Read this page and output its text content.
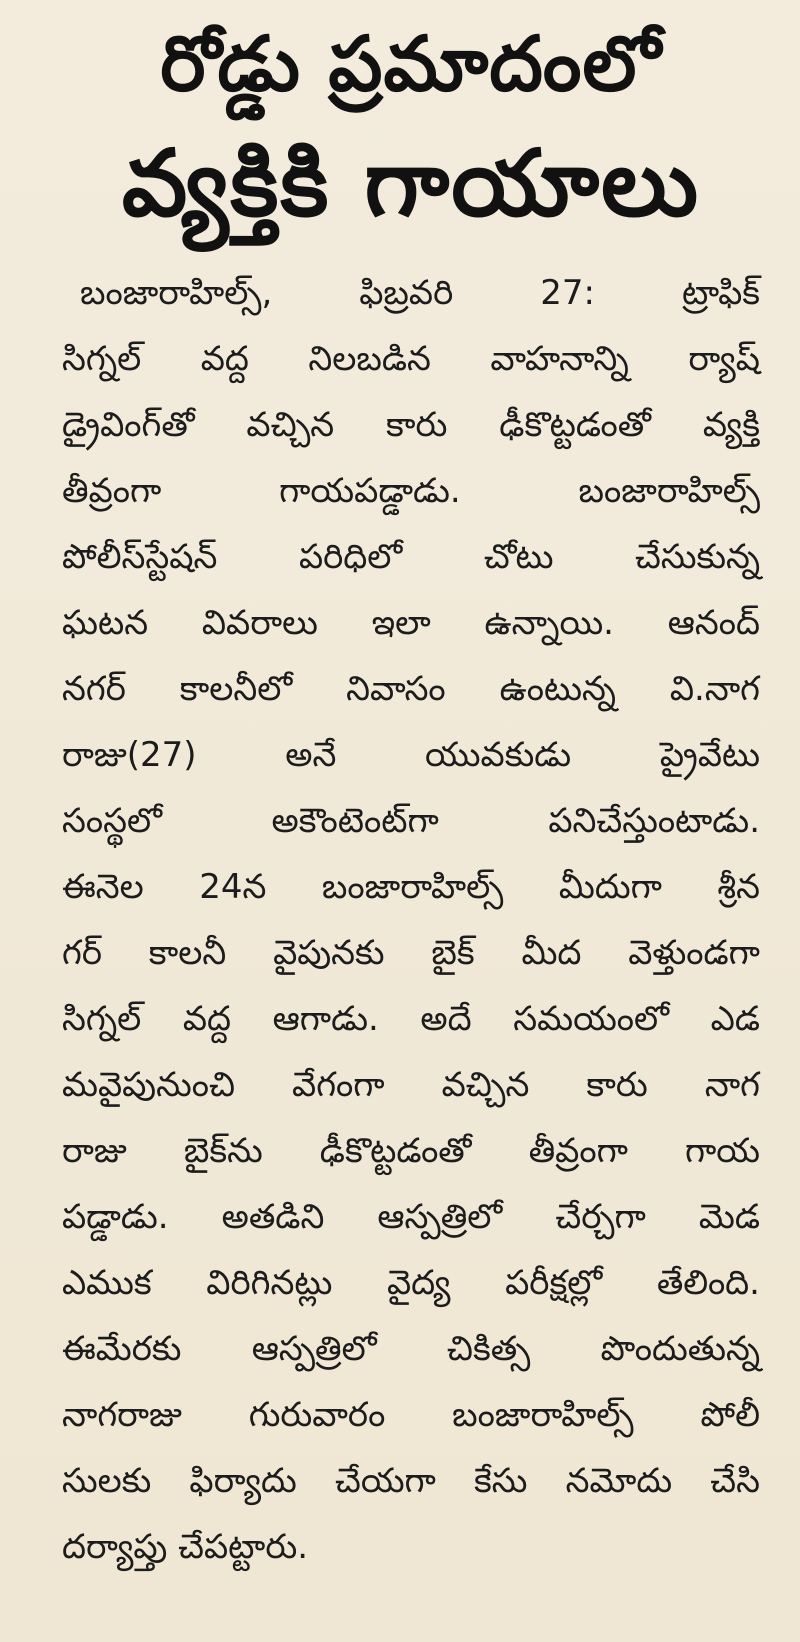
రోడ్డు ప్రమాదంలో
వ్యక్తికి గాయాలు
బంజారాహిల్స్, ఫిబ్రవరి 27: ట్రాఫిక్
సిగ్నల్ వద్ద నిలబడిన వాహనాన్ని ర్యాష్
డ్రైవింగ్‌తో వచ్చిన కారు ఢీకొట్టడంతో వ్యక్తి
తీవ్రంగా గాయపడ్డాడు. బంజారాహిల్స్
పోలీస్‌స్టేషన్ పరిధిలో చోటు చేసుకున్న
ఘటన వివరాలు ఇలా ఉన్నాయి. ఆనంద్
నగర్ కాలనీలో నివాసం ఉంటున్న వి.నాగ
రాజు(27) అనే యువకుడు ప్రైవేటు
సంస్థలో అకౌంటెంట్‌గా పనిచేస్తుంటాడు.
ఈనెల 24న బంజారాహిల్స్ మీదుగా శ్రీన
గర్ కాలనీ వైపునకు బైక్ మీద వెళ్తుండగా
సిగ్నల్ వద్ద ఆగాడు. అదే సమయంలో ఎడ
మవైపునుంచి వేగంగా వచ్చిన కారు నాగ
రాజు బైక్‌ను ఢీకొట్టడంతో తీవ్రంగా గాయ
పడ్డాడు. అతడిని ఆస్పత్రిలో చేర్చగా మెడ
ఎముక విరిగినట్లు వైద్య పరీక్షల్లో తేలింది.
ఈమేరకు ఆస్పత్రిలో చికిత్స పొందుతున్న
నాగరాజు గురువారం బంజారాహిల్స్ పోలీ
సులకు ఫిర్యాదు చేయగా కేసు నమోదు చేసి
దర్యాప్తు చేపట్టారు.
